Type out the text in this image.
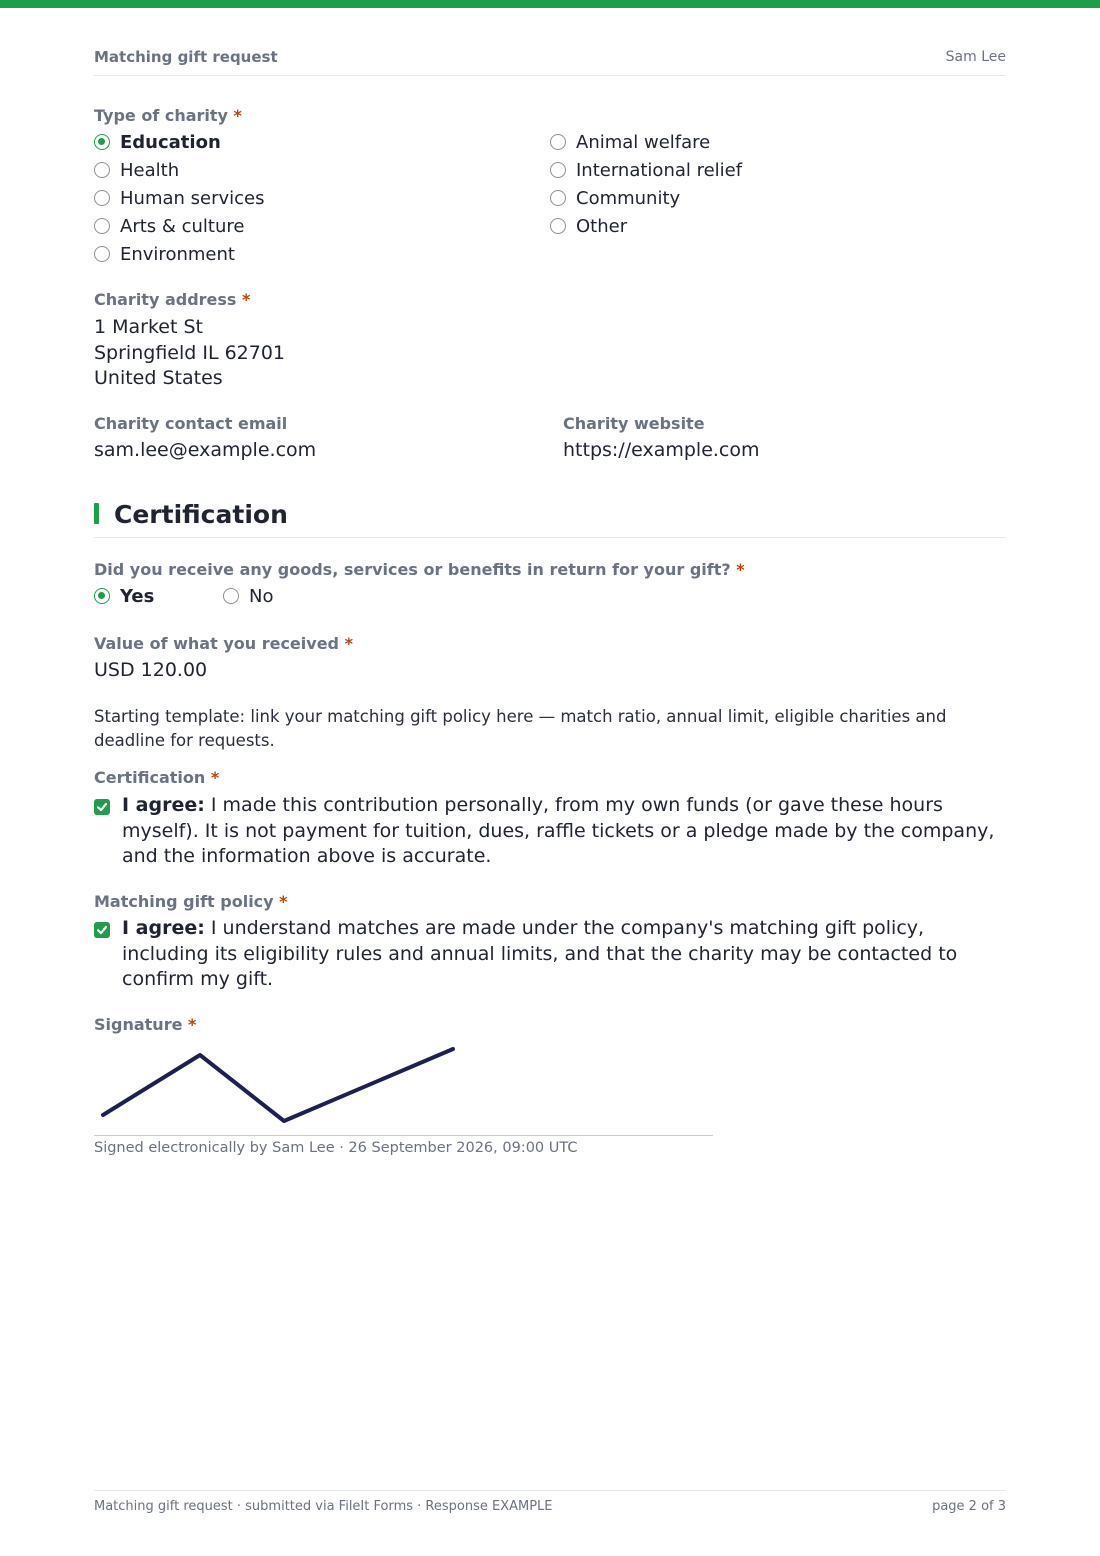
Matching gift request	Sam Lee
Type of charity *
Education
Health
Human services
Arts & culture
Environment
Animal welfare
International relief
Community
Other
Charity address *
1 Market St
Springfield IL 62701
United States
Charity contact email
sam.lee@example.com
Charity website
https://example.com
Certification
Did you receive any goods, services or benefits in return for your gift? *
Yes	No
Value of what you received *
USD 120.00
Starting template: link your matching gift policy here — match ratio, annual limit, eligible charities and deadline for requests.
Certification *
I agree: I made this contribution personally, from my own funds (or gave these hours myself). It is not payment for tuition, dues, raffle tickets or a pledge made by the company, and the information above is accurate.
Matching gift policy *
I agree: I understand matches are made under the company's matching gift policy, including its eligibility rules and annual limits, and that the charity may be contacted to confirm my gift.
Signature *
Signed electronically by Sam Lee · 26 September 2026, 09:00 UTC
Matching gift request · submitted via FileIt Forms · Response EXAMPLE	page 2 of 3
